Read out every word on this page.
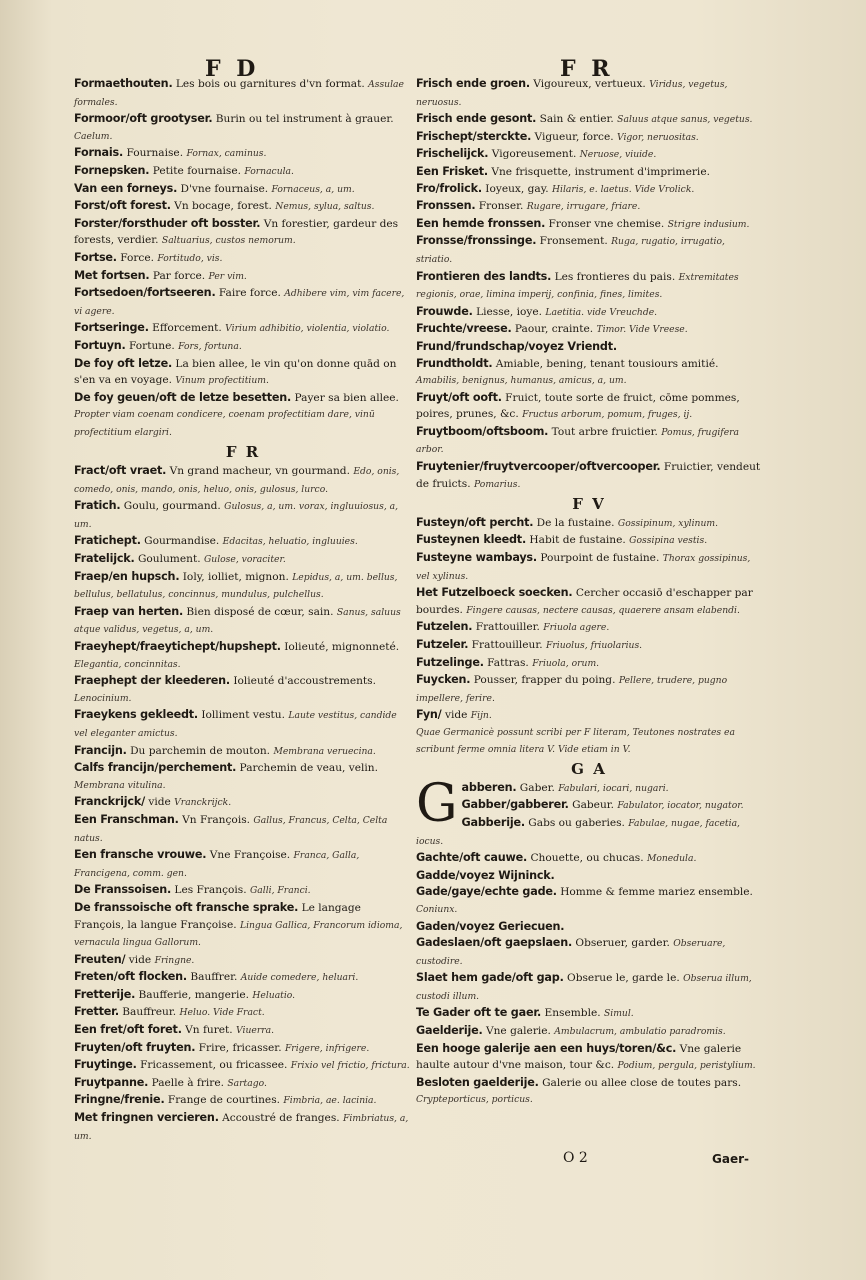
F D	F R

Formaethouten. Les bois ou garnitures d'vn format. Assulae formales.

Formoor/oft grootyser. Burin ou tel instrument à grauer. Caelum.

Fornais. Fournaise. Fornax, caminus.

Fornepsken. Petite fournaise. Fornacula.

Van een forneys. D'vne fournaise. Fornaceus, a, um.

Forst/oft forest. Vn bocage, forest. Nemus, sylua, saltus.

Forster/forsthuder oft bosster. Vn forestier, gardeur des forests, verdier. Saltuarius, custos nemorum.

Fortse. Force. Fortitudo, vis.

Met fortsen. Par force. Per vim.

Fortsedoen/fortseeren. Faire force. Adhibere vim, vim facere, vi agere.

Fortseringe. Efforcement. Virium adhibitio, violentia, violatio.

Fortuyn. Fortune. Fors, fortuna.

De foy oft letze. La bien allee, le vin qu'on donne quād on s'en va en voyage. Vinum profectitium.

De foy geuen/oft de letze besetten. Payer sa bien allee. Propter viam coenam condicere, coenam profectitiam dare, vinū profectitium elargiri.

F R

Fract/oft vraet. Vn grand macheur, vn gourmand. Edo, onis, comedo, onis, mando, onis, heluo, onis, gulosus, lurco.

Fratich. Goulu, gourmand. Gulosus, a, um. vorax, ingluuiosus, a, um.

Fratichept. Gourmandise. Edacitas, heluatio, ingluuies.

Fratelijck. Goulument. Gulose, voraciter.

Fraep/en hupsch. Ioly, iolliet, mignon. Lepidus, a, um. bellus, bellulus, bellatulus, concinnus, mundulus, pulchellus.

Fraep van herten. Bien disposé de cœur, sain. Sanus, saluus atque validus, vegetus, a, um.

Fraeyhept/fraeytichept/hupshept. Iolieuté, mignonneté. Elegantia, concinnitas.

Fraephept der kleederen. Iolieuté d'accoustrements. Lenocinium.

Fraeykens gekleedt. Iolliment vestu. Laute vestitus, candide vel eleganter amictus.

Francijn. Du parchemin de mouton. Membrana veruecina.

Calfs francijn/perchement. Parchemin de veau, velin. Membrana vitulina.

Franckrijck/ vide Vranckrijck.

Een Franschman. Vn François. Gallus, Francus, Celta, Celta natus.

Een fransche vrouwe. Vne Françoise. Franca, Galla, Francigena, comm. gen.

De Franssoisen. Les François. Galli, Franci.

De franssoische oft fransche sprake. Le langage François, la langue Françoise. Lingua Gallica, Francorum idioma, vernacula lingua Gallorum.

Freuten/ vide Fringne.

Freten/oft flocken. Bauffrer. Auide comedere, heluari.

Fretterije. Baufferie, mangerie. Heluatio.

Fretter. Bauffreur. Heluo. Vide Fract.

Een fret/oft foret. Vn furet. Viuerra.

Fruyten/oft fruyten. Frire, fricasser. Frigere, infrigere.

Fruytinge. Fricassement, ou fricassee. Frixio vel frictio, frictura.

Fruytpanne. Paelle à frire. Sartago.

Fringne/frenie. Frange de courtines. Fimbria, ae. lacinia.

Met fringnen vercieren. Accoustré de franges. Fimbriatus, a, um.

Frisch ende groen. Vigoureux, vertueux. Viridus, vegetus, neruosus.

Frisch ende gesont. Sain & entier. Saluus atque sanus, vegetus.

Frischept/sterckte. Vigueur, force. Vigor, neruositas.

Frischelijck. Vigoreusement. Neruose, viuide.

Een Frisket. Vne frisquette, instrument d'imprimerie.

Fro/frolick. Ioyeux, gay. Hilaris, e. laetus. Vide Vrolick.

Fronssen. Fronser. Rugare, irrugare, friare.

Een hemde fronssen. Fronser vne chemise. Strigre indusium.

Fronsse/fronssinge. Fronsement. Ruga, rugatio, irrugatio, striatio.

Frontieren des landts. Les frontieres du pais. Extremitates regionis, orae, limina imperij, confinia, fines, limites.

Frouwde. Liesse, ioye. Laetitia. vide Vreuchde.

Fruchte/vreese. Paour, crainte. Timor. Vide Vreese.

Frund/frundschap/voyez Vriendt.

Frundtholdt. Amiable, bening, tenant tousiours amitié. Amabilis, benignus, humanus, amicus, a, um.

Fruyt/oft ooft. Fruict, toute sorte de fruict, cōme pommes, poires, prunes, &c. Fructus arborum, pomum, fruges, ij.

Fruytboom/oftsboom. Tout arbre fruictier. Pomus, frugifera arbor.

Fruytenier/fruytvercooper/oftvercooper. Fruictier, vendeut de fruicts. Pomarius.

F V

Fusteyn/oft percht. De la fustaine. Gossipinum, xylinum.

Fusteynen kleedt. Habit de fustaine. Gossipina vestis.

Fusteyne wambays. Pourpoint de fustaine. Thorax gossipinus, vel xylinus.

Het Futzelboeck soecken. Cercher occasiō d'eschapper par bourdes. Fingere causas, nectere causas, quaerere ansam elabendi.

Futzelen. Frattouiller. Friuola agere.

Futzeler. Frattouilleur. Friuolus, friuolarius.

Futzelinge. Fattras. Friuola, orum.

Fuycken. Pousser, frapper du poing. Pellere, trudere, pugno impellere, ferire.

Fyn/ vide Fijn.

Quae Germanicè possunt scribi per F literam, Teutones nostrates ea scribunt ferme omnia litera V. Vide etiam in V.

G A

Gabberen. Gaber. Fabulari, iocari, nugari.

Gabber/gabberer. Gabeur. Fabulator, iocator, nugator.

Gabberije. Gabs ou gaberies. Fabulae, nugae, facetia, iocus.

Gachte/oft cauwe. Chouette, ou chucas. Monedula.

Gadde/voyez Wijninck.

Gade/gaye/echte gade. Homme & femme mariez ensemble. Coniunx.

Gaden/voyez Geriecuen.

Gadeslaen/oft gaepslaen. Obseruer, garder. Obseruare, custodire.

Slaet hem gade/oft gap. Obserue le, garde le. Obserua illum, custodi illum.

Te Gader oft te gaer. Ensemble. Simul.

Gaelderije. Vne galerie. Ambulacrum, ambulatio paradromis.

Een hooge galerije aen een huys/toren/&c. Vne galerie haulte autour d'vne maison, tour &c. Podium, pergula, peristylium.

Besloten gaelderije. Galerie ou allee close de toutes pars. Crypteporticus, porticus.

O 2	Gaer-
